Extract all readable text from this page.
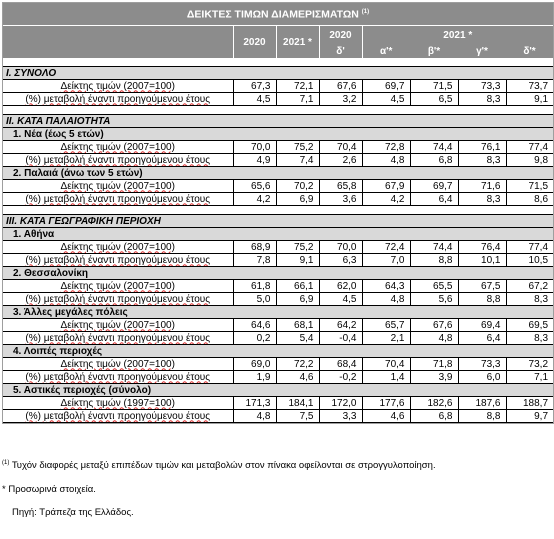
ΔΕΙΚΤΕΣ ΤΙΜΩΝ ΔΙΑΜΕΡΙΣΜΑΤΩΝ $^{(1)}$
	2020	2021 *	2020	2021 *			
			δ'	α'*	β'*	γ'*	δ'*

I. ΣΥΝΟΛΟ							
Δείκτης τιμών (2007=100)	67,3	72,1	67,6	69,7	71,5	73,3	73,7
(%) μεταβολή έναντι προηγούμενου έτους	4,5	7,1	3,2	4,5	6,5	8,3	9,1

II. ΚΑΤΑ ΠΑΛΑΙΟΤΗΤΑ							
1. Νέα (έως 5 ετών)							
Δείκτης τιμών (2007=100)	70,0	75,2	70,4	72,8	74,4	76,1	77,4
(%) μεταβολή έναντι προηγούμενου έτους	4,9	7,4	2,6	4,8	6,8	8,3	9,8
2. Παλαιά (άνω των 5 ετών)							
Δείκτης τιμών (2007=100)	65,6	70,2	65,8	67,9	69,7	71,6	71,5
(%) μεταβολή έναντι προηγούμενου έτους	4,2	6,9	3,6	4,2	6,4	8,3	8,6

III. ΚΑΤΑ ΓΕΩΓΡΑΦΙΚΗ ΠΕΡΙΟΧΗ							
1. Αθήνα							
Δείκτης τιμών (2007=100)	68,9	75,2	70,0	72,4	74,4	76,4	77,4
(%) μεταβολή έναντι προηγούμενου έτους	7,8	9,1	6,3	7,0	8,8	10,1	10,5
2. Θεσσαλονίκη							
Δείκτης τιμών (2007=100)	61,8	66,1	62,0	64,3	65,5	67,5	67,2
(%) μεταβολή έναντι προηγούμενου έτους	5,0	6,9	4,5	4,8	5,6	8,8	8,3
3. Άλλες μεγάλες πόλεις							
Δείκτης τιμών (2007=100)	64,6	68,1	64,2	65,7	67,6	69,4	69,5
(%) μεταβολή έναντι προηγούμενου έτους	0,2	5,4	-0,4	2,1	4,8	6,4	8,3
4. Λοιπές περιοχές							
Δείκτης τιμών (2007=100)	69,0	72,2	68,4	70,4	71,8	73,3	73,2
(%) μεταβολή έναντι προηγούμενου έτους	1,9	4,6	-0,2	1,4	3,9	6,0	7,1
5. Αστικές περιοχές (σύνολο)							
Δείκτης τιμών (1997=100)	171,3	184,1	172,0	177,6	182,6	187,6	188,7
(%) μεταβολή έναντι προηγούμενου έτους	4,8	7,5	3,3	4,6	6,8	8,8	9,7
$^{(1)}$ Τυχόν διαφορές μεταξύ επιπέδων τιμών και μεταβολών στον πίνακα οφείλονται σε στρογγυλοποίηση.
* Προσωρινά στοιχεία.
Πηγή: Τράπεζα της Ελλάδος.
